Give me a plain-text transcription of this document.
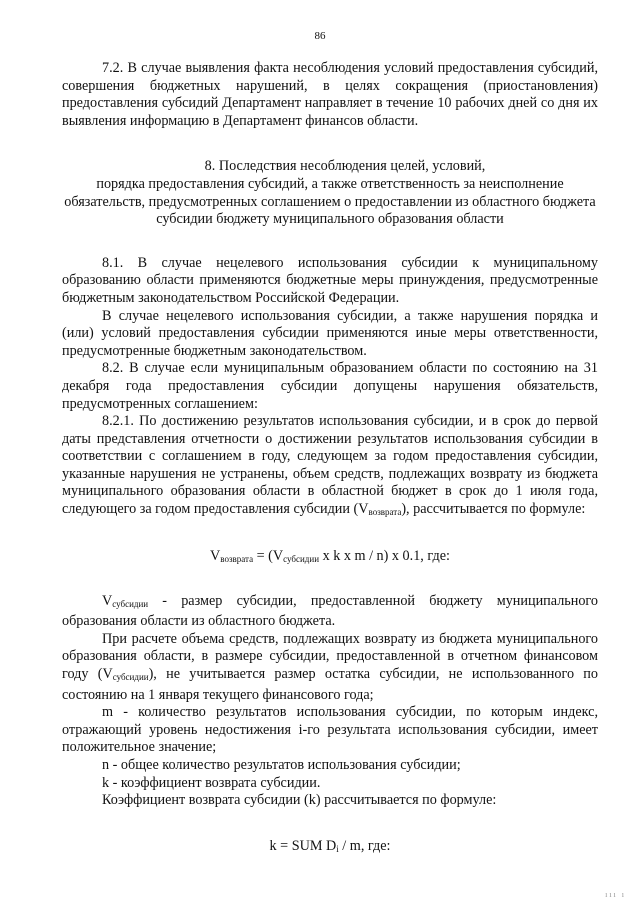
86

7.2. В случае выявления факта несоблюдения условий предоставления субсидий, совершения бюджетных нарушений, в целях сокращения (приостановления) предоставления субсидий Департамент направляет в течение 10 рабочих дней со дня их выявления информацию в Департамент финансов области.

8. Последствия несоблюдения целей, условий,
порядка предоставления субсидий, а также ответственность за неисполнение обязательств, предусмотренных соглашением о предоставлении из областного бюджета субсидии бюджету муниципального образования области

8.1. В случае нецелевого использования субсидии к муниципальному образованию области применяются бюджетные меры принуждения, предусмотренные бюджетным законодательством Российской Федерации.

В случае нецелевого использования субсидии, а также нарушения порядка и (или) условий предоставления субсидии применяются иные меры ответственности, предусмотренные бюджетным законодательством.

8.2. В случае если муниципальным образованием области по состоянию на 31 декабря года предоставления субсидии допущены нарушения обязательств, предусмотренных соглашением:

8.2.1. По достижению результатов использования субсидии, и в срок до первой даты представления отчетности о достижении результатов использования субсидии в соответствии с соглашением в году, следующем за годом предоставления субсидии, указанные нарушения не устранены, объем средств, подлежащих возврату из бюджета муниципального образования области в областной бюджет в срок до 1 июля года, следующего за годом предоставления субсидии $(V_{возврата})$, рассчитывается по формуле:

$V_{возврата} = (V_{субсидии}$ x k x m / n) x 0.1, где:

$V_{субсидии}$ - размер субсидии, предоставленной бюджету муниципального образования области из областного бюджета.

При расчете объема средств, подлежащих возврату из бюджета муниципального образования области, в размере субсидии, предоставленной в отчетном финансовом году $(V_{субсидии})$, не учитывается размер остатка субсидии, не использованного по состоянию на 1 января текущего финансового года;

m - количество результатов использования субсидии, по которым индекс, отражающий уровень недостижения i-го результата использования субсидии, имеет положительное значение;

n - общее количество результатов использования субсидии;

k - коэффициент возврата субсидии.

Коэффициент возврата субсидии (k) рассчитывается по формуле:

k = SUM $D_i$ / m, где:
ııı ı
